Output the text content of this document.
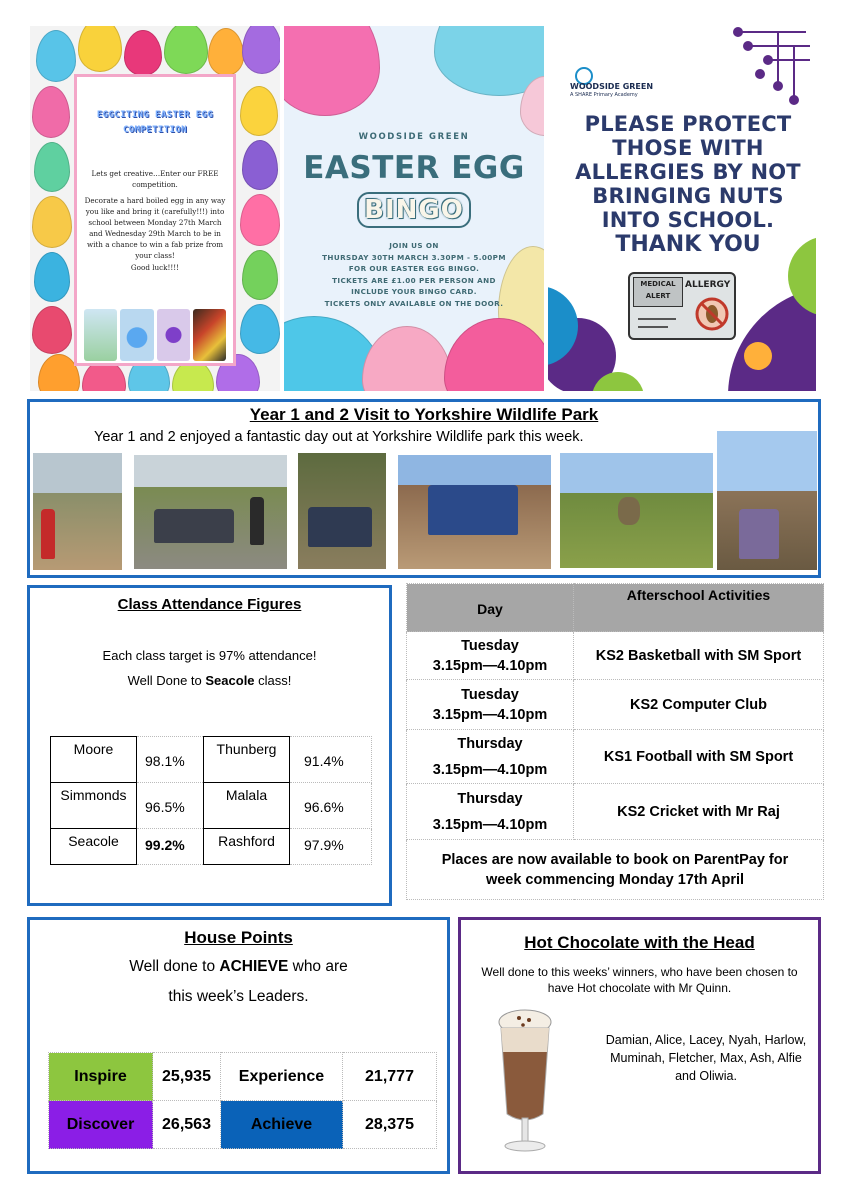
EGGCITING EASTER EGG COMPETITION

Lets get creative…Enter our FREE competition.

Decorate a hard boiled egg in any way you like and bring it (carefully!!!) into school between Monday 27th March and Wednesday 29th March to be in with a chance to win a fab prize from your class!

Good luck!!!!

WOODSIDE GREEN
EASTER EGG
BINGO
JOIN US ON
THURSDAY 30TH MARCH 3.30PM - 5.00PM
FOR OUR EASTER EGG BINGO.
TICKETS ARE £1.00 PER PERSON AND
INCLUDE YOUR BINGO CARD.
TICKETS ONLY AVAILABLE ON THE DOOR.
WOODSIDE GREEN
A SHARE Primary Academy
PLEASE PROTECT
THOSE WITH
ALLERGIES BY NOT
BRINGING NUTS
INTO SCHOOL.
THANK YOU
MEDICAL ALERT
ALLERGY
Year 1 and 2 Visit to Yorkshire Wildlife Park
Year 1 and 2 enjoyed a fantastic day out at Yorkshire Wildlife park this week.
Class Attendance Figures
Each class target is 97% attendance!
Well Done to Seacole class!
Moore	98.1%	Thunberg	91.4%
Simmonds	96.5%	Malala	96.6%
Seacole	99.2%	Rashford	97.9%
Day	Afterschool Activities

Tuesday
3.15pm—4.10pm	KS2 Basketball with SM Sport

Tuesday
3.15pm—4.10pm	KS2 Computer Club

Thursday
3.15pm—4.10pm	KS1 Football with SM Sport

Thursday
3.15pm—4.10pm	KS2 Cricket with Mr Raj

Places are now available to book on ParentPay for
week commencing Monday 17th April	
House Points
Well done to ACHIEVE who are
this week’s Leaders.
Inspire	25,935	Experience	21,777
Discover	26,563	Achieve	28,375
Hot Chocolate with the Head
Well done to this weeks’ winners, who have been chosen to have Hot chocolate with Mr Quinn.
Damian, Alice, Lacey, Nyah, Harlow, Muminah, Fletcher, Max, Ash, Alfie and Oliwia.
